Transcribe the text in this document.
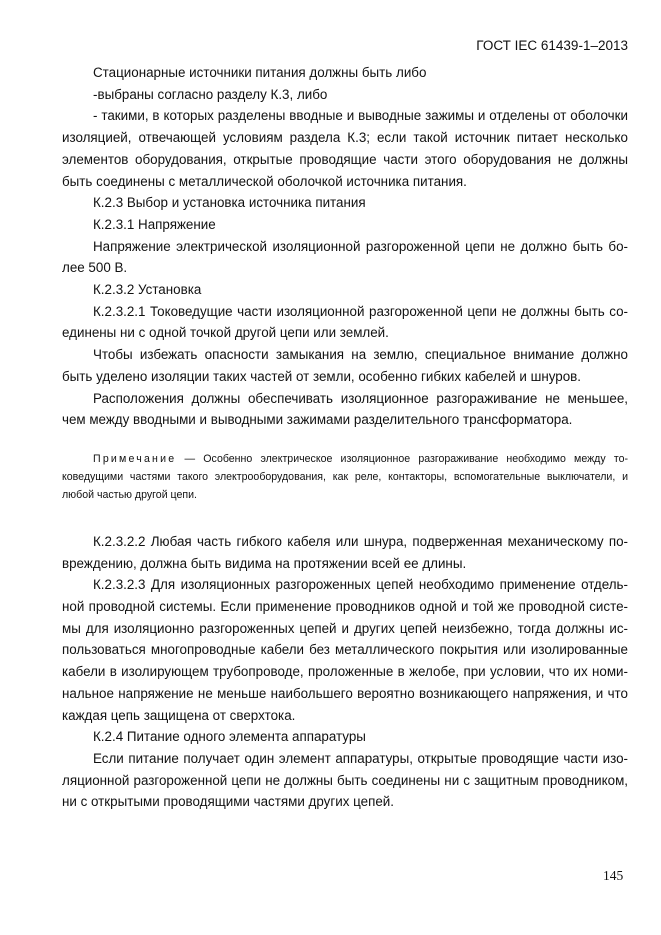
ГОСТ IEC 61439-1–2013

Стационарные источники питания должны быть либо

-выбраны согласно разделу К.3, либо

- такими, в которых разделены вводные и выводные зажимы и отделены от оболочки изоляцией, отвечающей условиям раздела К.3; если такой источник питает несколько элементов оборудования, открытые проводящие части этого оборудования не должны быть соединены с металлической оболочкой источника питания.

К.2.3 Выбор и установка источника питания

К.2.3.1 Напряжение

Напряжение электрической изоляционной разгороженной цепи не должно быть бо-лее 500 В.

К.2.3.2 Установка

К.2.3.2.1 Токоведущие части изоляционной разгороженной цепи не должны быть со-единены ни с одной точкой другой цепи или землей.

Чтобы избежать опасности замыкания на землю, специальное внимание должно быть уделено изоляции таких частей от земли, особенно гибких кабелей и шнуров.

Расположения должны обеспечивать изоляционное разгораживание не меньшее, чем между вводными и выводными зажимами разделительного трансформатора.

Примечание — Особенно электрическое изоляционное разгораживание необходимо между то-коведущими частями такого электрооборудования, как реле, контакторы, вспомогательные выключатели, и любой частью другой цепи.

К.2.3.2.2 Любая часть гибкого кабеля или шнура, подверженная механическому по-вреждению, должна быть видима на протяжении всей ее длины.

К.2.3.2.3 Для изоляционных разгороженных цепей необходимо применение отдель-ной проводной системы. Если применение проводников одной и той же проводной систе-мы для изоляционно разгороженных цепей и других цепей неизбежно, тогда должны ис-пользоваться многопроводные кабели без металлического покрытия или изолированные кабели в изолирующем трубопроводе, проложенные в желобе, при условии, что их номи-нальное напряжение не меньше наибольшего вероятно возникающего напряжения, и что каждая цепь защищена от сверхтока.

К.2.4 Питание одного элемента аппаратуры

Если питание получает один элемент аппаратуры, открытые проводящие части изо-ляционной разгороженной цепи не должны быть соединены ни с защитным проводником, ни с открытыми проводящими частями других цепей.

145
